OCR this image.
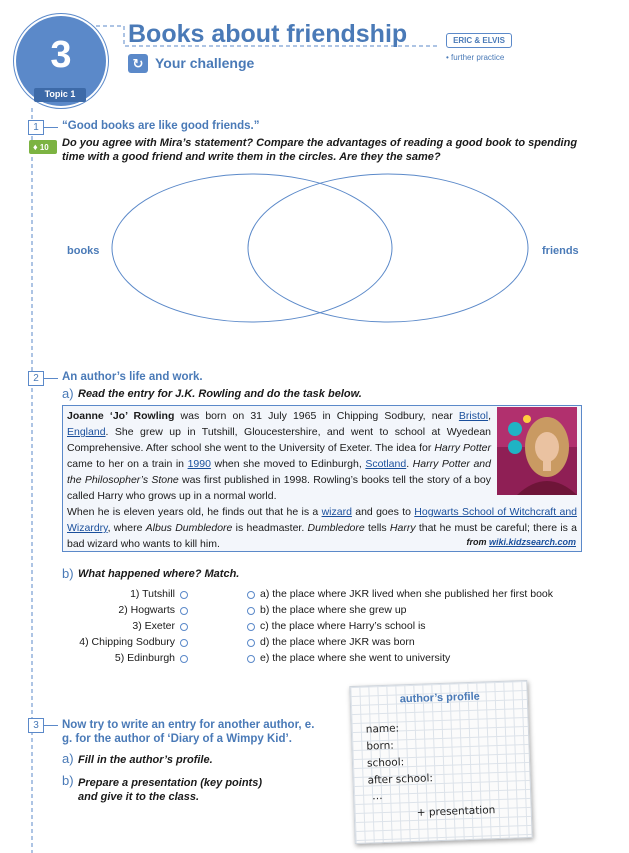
3
Topic 1
Books about friendship
↻ Your challenge
ERIC & ELVIS
• further practice
1	“Good books are like good friends.”
♦ 10	Do you agree with Mira’s statement? Compare the advantages of reading a good book to spending time with a good friend and write them in the circles. Are they the same?
books	friends
2	An author’s life and work.
a) Read the entry for J.K. Rowling and do the task below.
Joanne ‘Jo’ Rowling was born on 31 July 1965 in Chipping Sodbury, near Bristol, England. She grew up in Tutshill, Gloucestershire, and went to school at Wyedean Comprehensive. After school she went to the University of Exeter. The idea for Harry Potter came to her on a train in 1990 when she moved to Edinburgh, Scotland. Harry Potter and the Philosopher’s Stone was first published in 1998. Rowling’s books tell the story of a boy called Harry who grows up in a normal world.
When he is eleven years old, he finds out that he is a wizard and goes to Hogwarts School of Witchcraft and Wizardry, where Albus Dumbledore is headmaster. Dumbledore tells Harry that he must be careful; there is a bad wizard who wants to kill him.	from wiki.kidzsearch.com
b) What happened where? Match.
1) Tutshill
2) Hogwarts
3) Exeter
4) Chipping Sodbury
5) Edinburgh
a) the place where JKR lived when she published her first book
b) the place where she grew up
c) the place where Harry’s school is
d) the place where JKR was born
e) the place where she went to university
3	Now try to write an entry for another author, e. g. for the author of ‘Diary of a Wimpy Kid’.
a) Fill in the author’s profile.
b) Prepare a presentation (key points) and give it to the class.
author’s profile
name:
born:
school:
after school:
…
+ presentation
